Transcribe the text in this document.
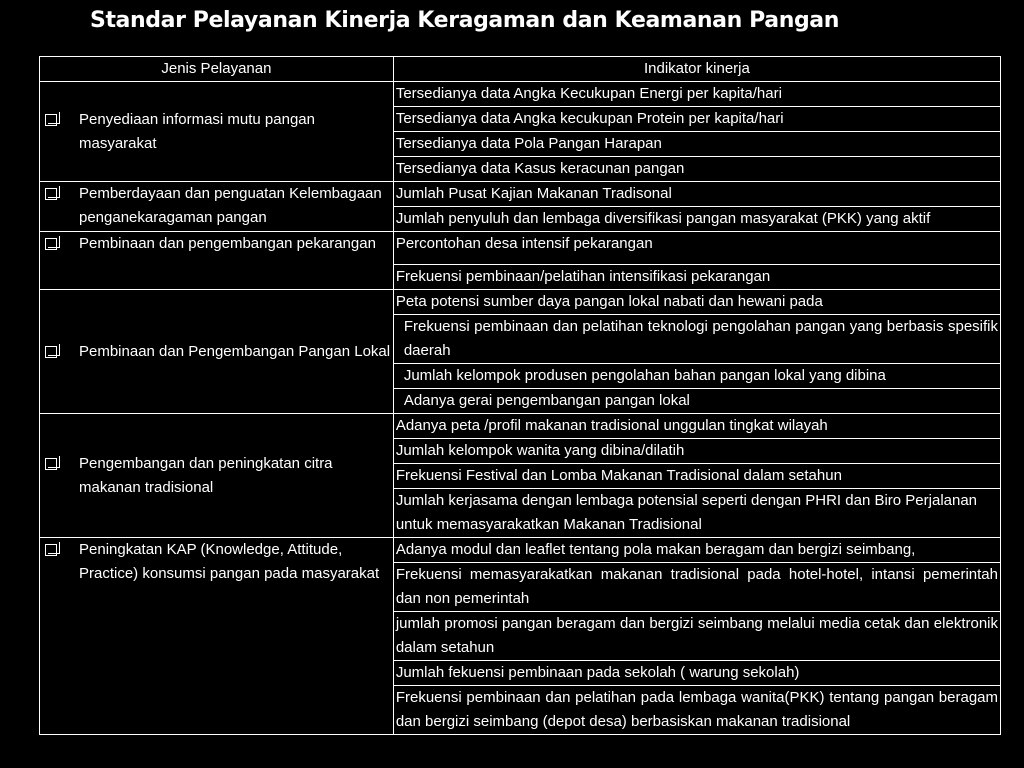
Standar Pelayanan Kinerja Keragaman dan Keamanan Pangan
Jenis Pelayanan	Indikator kinerja

Penyediaan informasi mutu pangan masyarakat	Tersedianya data Angka Kecukupan Energi per kapita/hari
	Tersedianya data Angka kecukupan Protein per kapita/hari
	Tersedianya data Pola Pangan Harapan
	Tersedianya data Kasus keracunan pangan

Pemberdayaan dan penguatan Kelembagaan penganekaragaman pangan	Jumlah Pusat Kajian Makanan Tradisonal
	Jumlah penyuluh dan lembaga diversifikasi pangan masyarakat (PKK) yang aktif

Pembinaan dan pengembangan pekarangan	Percontohan desa intensif pekarangan
	Frekuensi pembinaan/pelatihan intensifikasi pekarangan

Pembinaan dan Pengembangan Pangan Lokal	Peta potensi sumber daya pangan lokal nabati dan hewani pada
	Frekuensi pembinaan dan pelatihan teknologi pengolahan pangan yang berbasis spesifik daerah
	Jumlah kelompok produsen pengolahan bahan pangan lokal yang dibina
	Adanya gerai pengembangan pangan lokal

Pengembangan dan peningkatan citra makanan tradisional	Adanya peta /profil makanan tradisional unggulan tingkat wilayah
	Jumlah kelompok wanita yang dibina/dilatih
	Frekuensi Festival dan Lomba Makanan Tradisional dalam setahun
	Jumlah kerjasama dengan lembaga potensial seperti dengan PHRI dan Biro Perjalanan untuk memasyarakatkan Makanan Tradisional

Peningkatan KAP (Knowledge, Attitude, Practice) konsumsi pangan pada masyarakat	Adanya modul dan leaflet tentang pola makan beragam dan bergizi seimbang,
	Frekuensi memasyarakatkan makanan tradisional pada hotel-hotel, intansi pemerintah dan non pemerintah
	jumlah promosi pangan beragam dan bergizi seimbang melalui media cetak dan elektronik dalam setahun
	Jumlah fekuensi pembinaan pada sekolah ( warung sekolah)
	Frekuensi pembinaan dan pelatihan pada lembaga wanita(PKK) tentang pangan beragam dan bergizi seimbang (depot desa) berbasiskan makanan tradisional
